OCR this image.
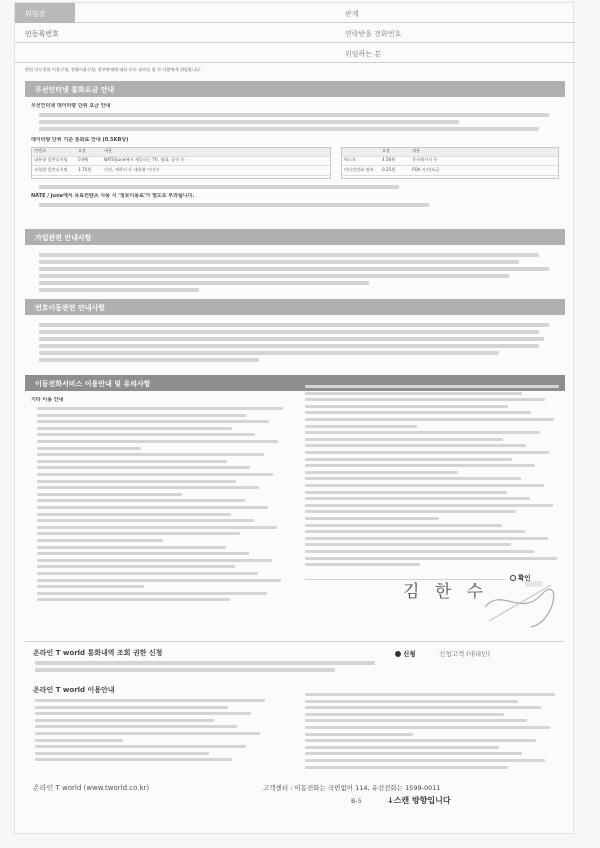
위임장	관계
인등록번호	연락받을 전화번호
위임하는 분
한편 이동전화 이용신청, 전화이용신청, 할부판매에 대한 모든 권리를 위 자 사람에게 위임합니다.
무선인터넷 통화요금 안내
무선인터넷 데이터량 단위 요금 안내
데이터량 단위 기준 통화료 안내 (0.5KB당)
컨텐츠	요율	내용
대용량 일반디지털 0.9원	NATE/June에서 제공되는 TV, 영화, 음악 등
소형량 일반디지털 1.75원	사진, 캐릭터 등 대용량 이미지
요율	내용
텍스트	4.56원	문자메시지 등
인터넷전화 정보 0.25원	PDA 사진/요금
NATE / june에서 유료컨텐츠 사용 시 '정보이용료'가 별도로 부과됩니다.
가입관련 안내사항
번호이동관련 안내사항
이동전화서비스 이용안내 및 유의사항
기타 이용 안내
김 한 수
확인
온라인 T world 통화내역 조회 권한 신청	신청	신청고객 (대리인)
온라인 T world 이용안내
온라인 T world (www.tworld.co.kr)	고객센터 : 이동전화는 국번없이 114, 유선전화는 1599-0011
B-5	↓스캔 방향입니다
